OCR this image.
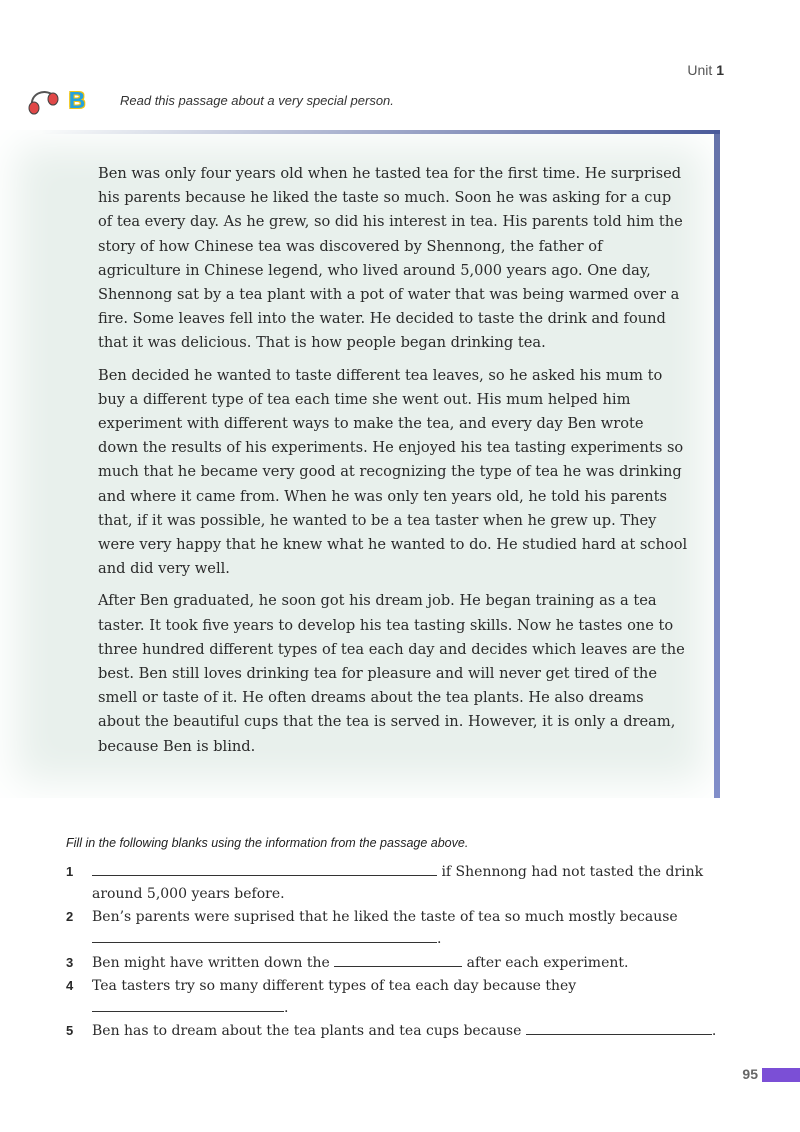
Unit 1
B	Read this passage about a very special person.

Ben was only four years old when he tasted tea for the first time. He surprised his parents because he liked the taste so much. Soon he was asking for a cup of tea every day. As he grew, so did his interest in tea. His parents told him the story of how Chinese tea was discovered by Shennong, the father of agriculture in Chinese legend, who lived around 5,000 years ago. One day, Shennong sat by a tea plant with a pot of water that was being warmed over a fire. Some leaves fell into the water. He decided to taste the drink and found that it was delicious. That is how people began drinking tea.

Ben decided he wanted to taste different tea leaves, so he asked his mum to buy a different type of tea each time she went out. His mum helped him experiment with different ways to make the tea, and every day Ben wrote down the results of his experiments. He enjoyed his tea tasting experiments so much that he became very good at recognizing the type of tea he was drinking and where it came from. When he was only ten years old, he told his parents that, if it was possible, he wanted to be a tea taster when he grew up. They were very happy that he knew what he wanted to do. He studied hard at school and did very well.

After Ben graduated, he soon got his dream job. He began training as a tea taster. It took five years to develop his tea tasting skills. Now he tastes one to three hundred different types of tea each day and decides which leaves are the best. Ben still loves drinking tea for pleasure and will never get tired of the smell or taste of it. He often dreams about the tea plants. He also dreams about the beautiful cups that the tea is served in. However, it is only a dream, because Ben is blind.

Fill in the following blanks using the information from the passage above.
1	if Shennong had not tasted the drink
around 5,000 years before.
2 Ben’s parents were suprised that he liked the taste of tea so much mostly because
.
3 Ben might have written down the	after each experiment.
4 Tea tasters try so many different types of tea each day because they
.
5 Ben has to dream about the tea plants and tea cups because	.
95
